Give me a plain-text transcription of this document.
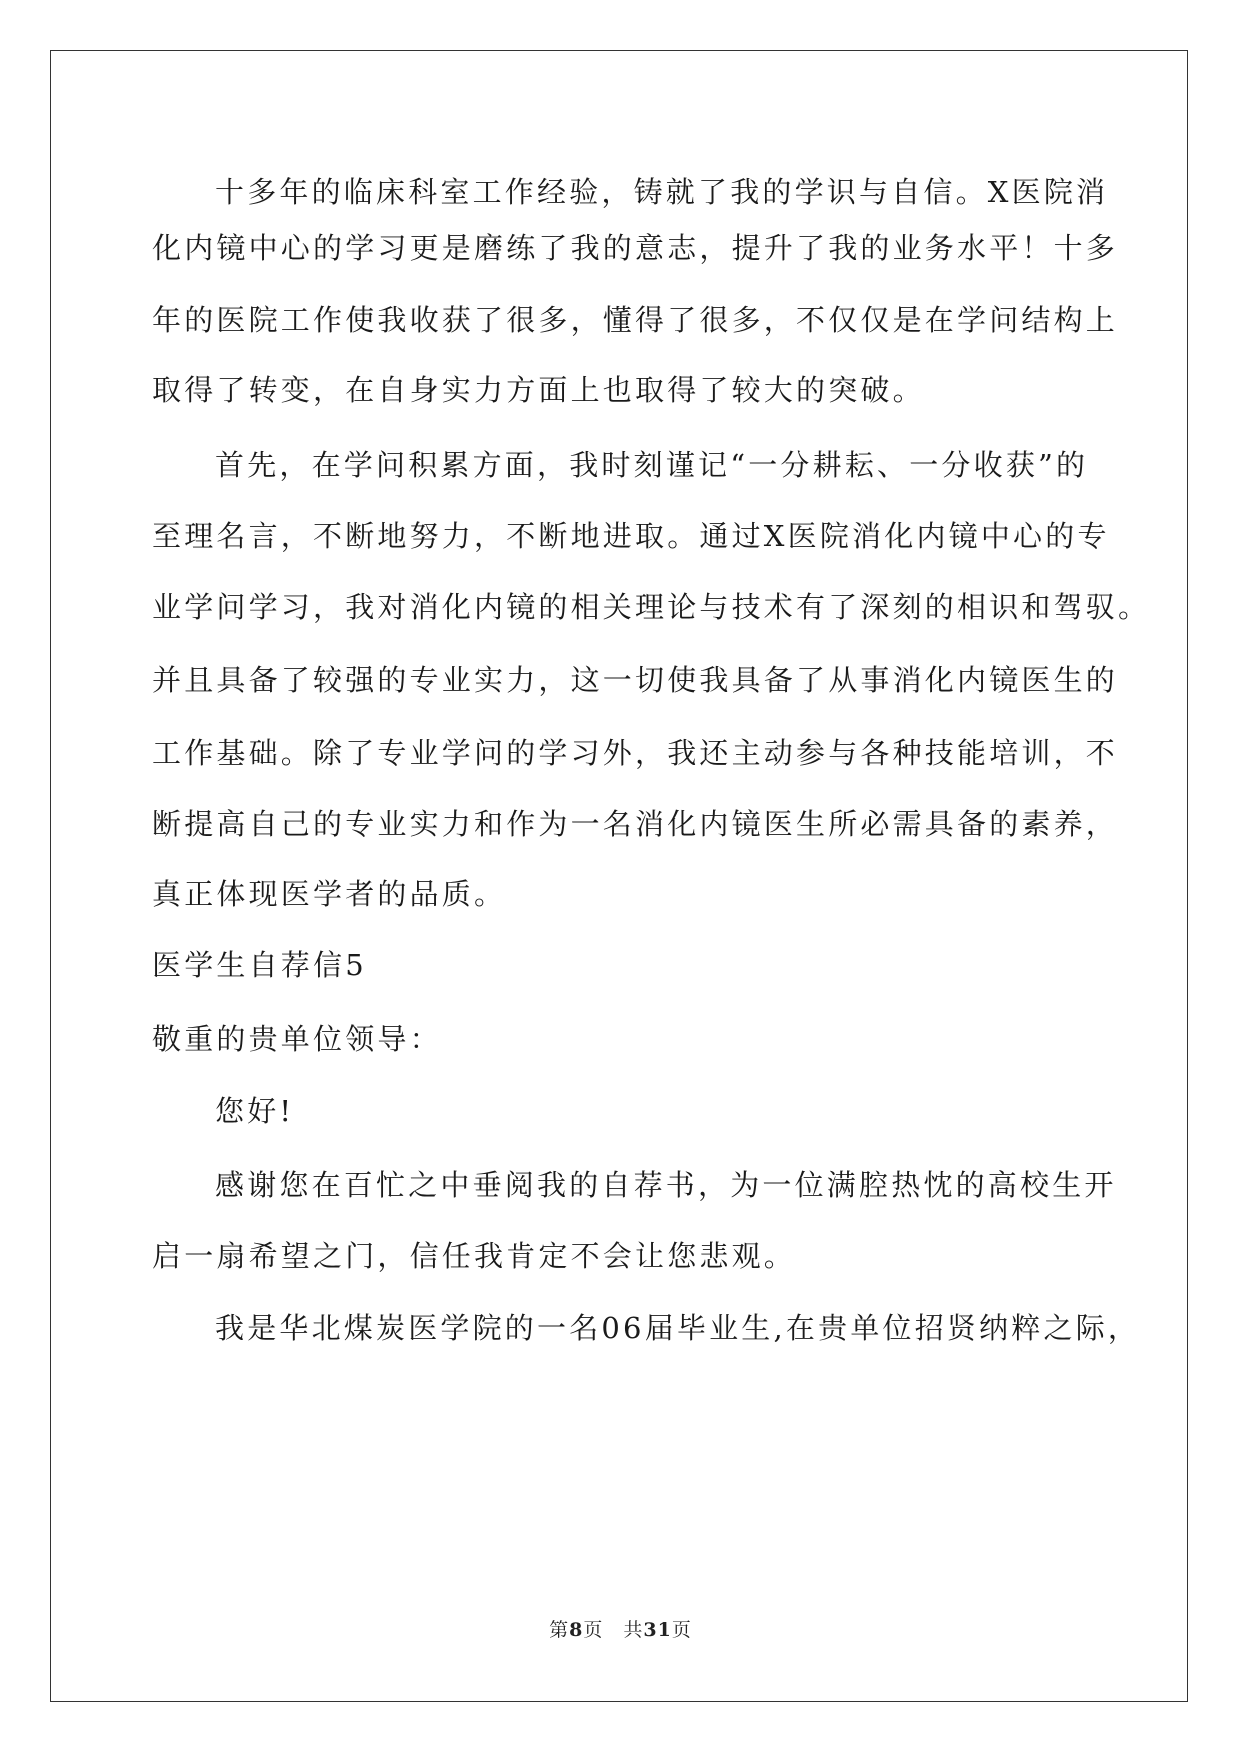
十多年的临床科室工作经验，铸就了我的学识与自信。X医院消
化内镜中心的学习更是磨练了我的意志，提升了我的业务水平！十多
年的医院工作使我收获了很多，懂得了很多，不仅仅是在学问结构上
取得了转变，在自身实力方面上也取得了较大的突破。
首先，在学问积累方面，我时刻谨记“一分耕耘、一分收获”的
至理名言，不断地努力，不断地进取。通过X医院消化内镜中心的专
业学问学习，我对消化内镜的相关理论与技术有了深刻的相识和驾驭。
并且具备了较强的专业实力，这一切使我具备了从事消化内镜医生的
工作基础。除了专业学问的学习外，我还主动参与各种技能培训，不
断提高自己的专业实力和作为一名消化内镜医生所必需具备的素养，
真正体现医学者的品质。
医学生自荐信5
敬重的贵单位领导：
您好!
感谢您在百忙之中垂阅我的自荐书，为一位满腔热忱的高校生开
启一扇希望之门，信任我肯定不会让您悲观。
我是华北煤炭医学院的一名06届毕业生,在贵单位招贤纳粹之际，
第8页　共31页
